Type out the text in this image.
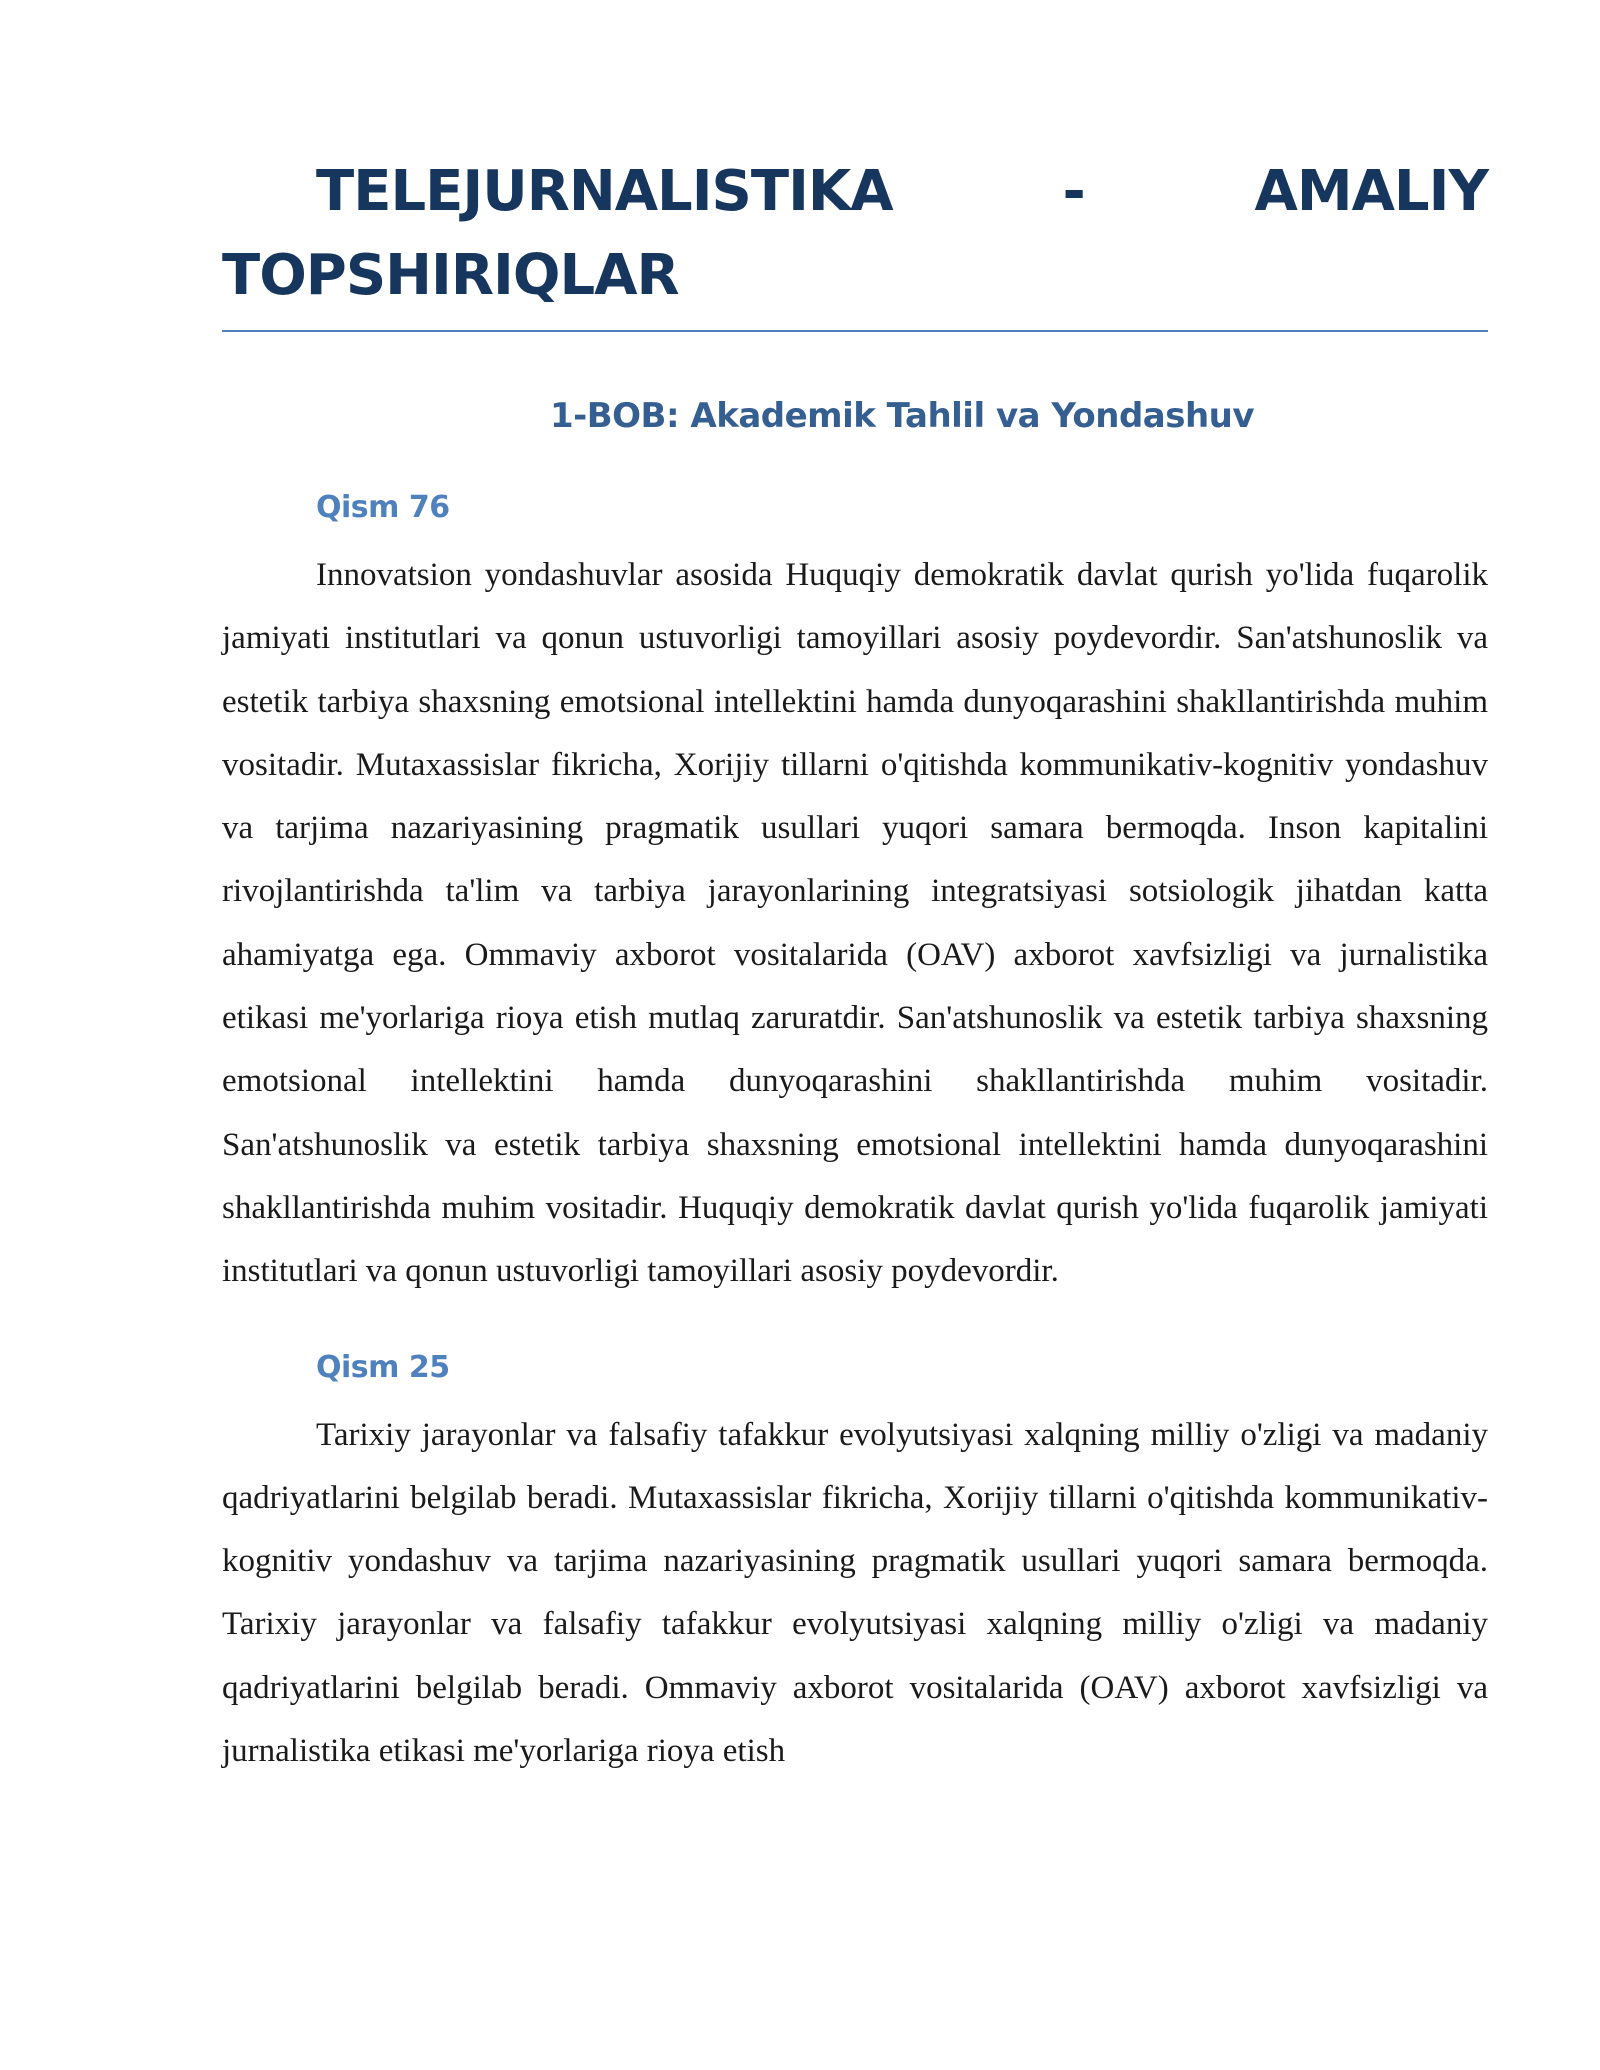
TELEJURNALISTIKA - AMALIY TOPSHIRIQLAR
1-BOB: Akademik Tahlil va Yondashuv
Qism 76

Innovatsion yondashuvlar asosida Huquqiy demokratik davlat qurish yo'lida fuqarolik jamiyati institutlari va qonun ustuvorligi tamoyillari asosiy poydevordir. San'atshunoslik va estetik tarbiya shaxsning emotsional intellektini hamda dunyoqarashini shakllantirishda muhim vositadir. Mutaxassislar fikricha, Xorijiy tillarni o'qitishda kommunikativ-kognitiv yondashuv va tarjima nazariyasining pragmatik usullari yuqori samara bermoqda. Inson kapitalini rivojlantirishda ta'lim va tarbiya jarayonlarining integratsiyasi sotsiologik jihatdan katta ahamiyatga ega. Ommaviy axborot vositalarida (OAV) axborot xavfsizligi va jurnalistika etikasi me'yorlariga rioya etish mutlaq zaruratdir. San'atshunoslik va estetik tarbiya shaxsning emotsional intellektini hamda dunyoqarashini shakllantirishda muhim vositadir. San'atshunoslik va estetik tarbiya shaxsning emotsional intellektini hamda dunyoqarashini shakllantirishda muhim vositadir. Huquqiy demokratik davlat qurish yo'lida fuqarolik jamiyati institutlari va qonun ustuvorligi tamoyillari asosiy poydevordir.

Qism 25

Tarixiy jarayonlar va falsafiy tafakkur evolyutsiyasi xalqning milliy o'zligi va madaniy qadriyatlarini belgilab beradi. Mutaxassislar fikricha, Xorijiy tillarni o'qitishda kommunikativ-kognitiv yondashuv va tarjima nazariyasining pragmatik usullari yuqori samara bermoqda. Tarixiy jarayonlar va falsafiy tafakkur evolyutsiyasi xalqning milliy o'zligi va madaniy qadriyatlarini belgilab beradi. Ommaviy axborot vositalarida (OAV) axborot xavfsizligi va jurnalistika etikasi me'yorlariga rioya etish
